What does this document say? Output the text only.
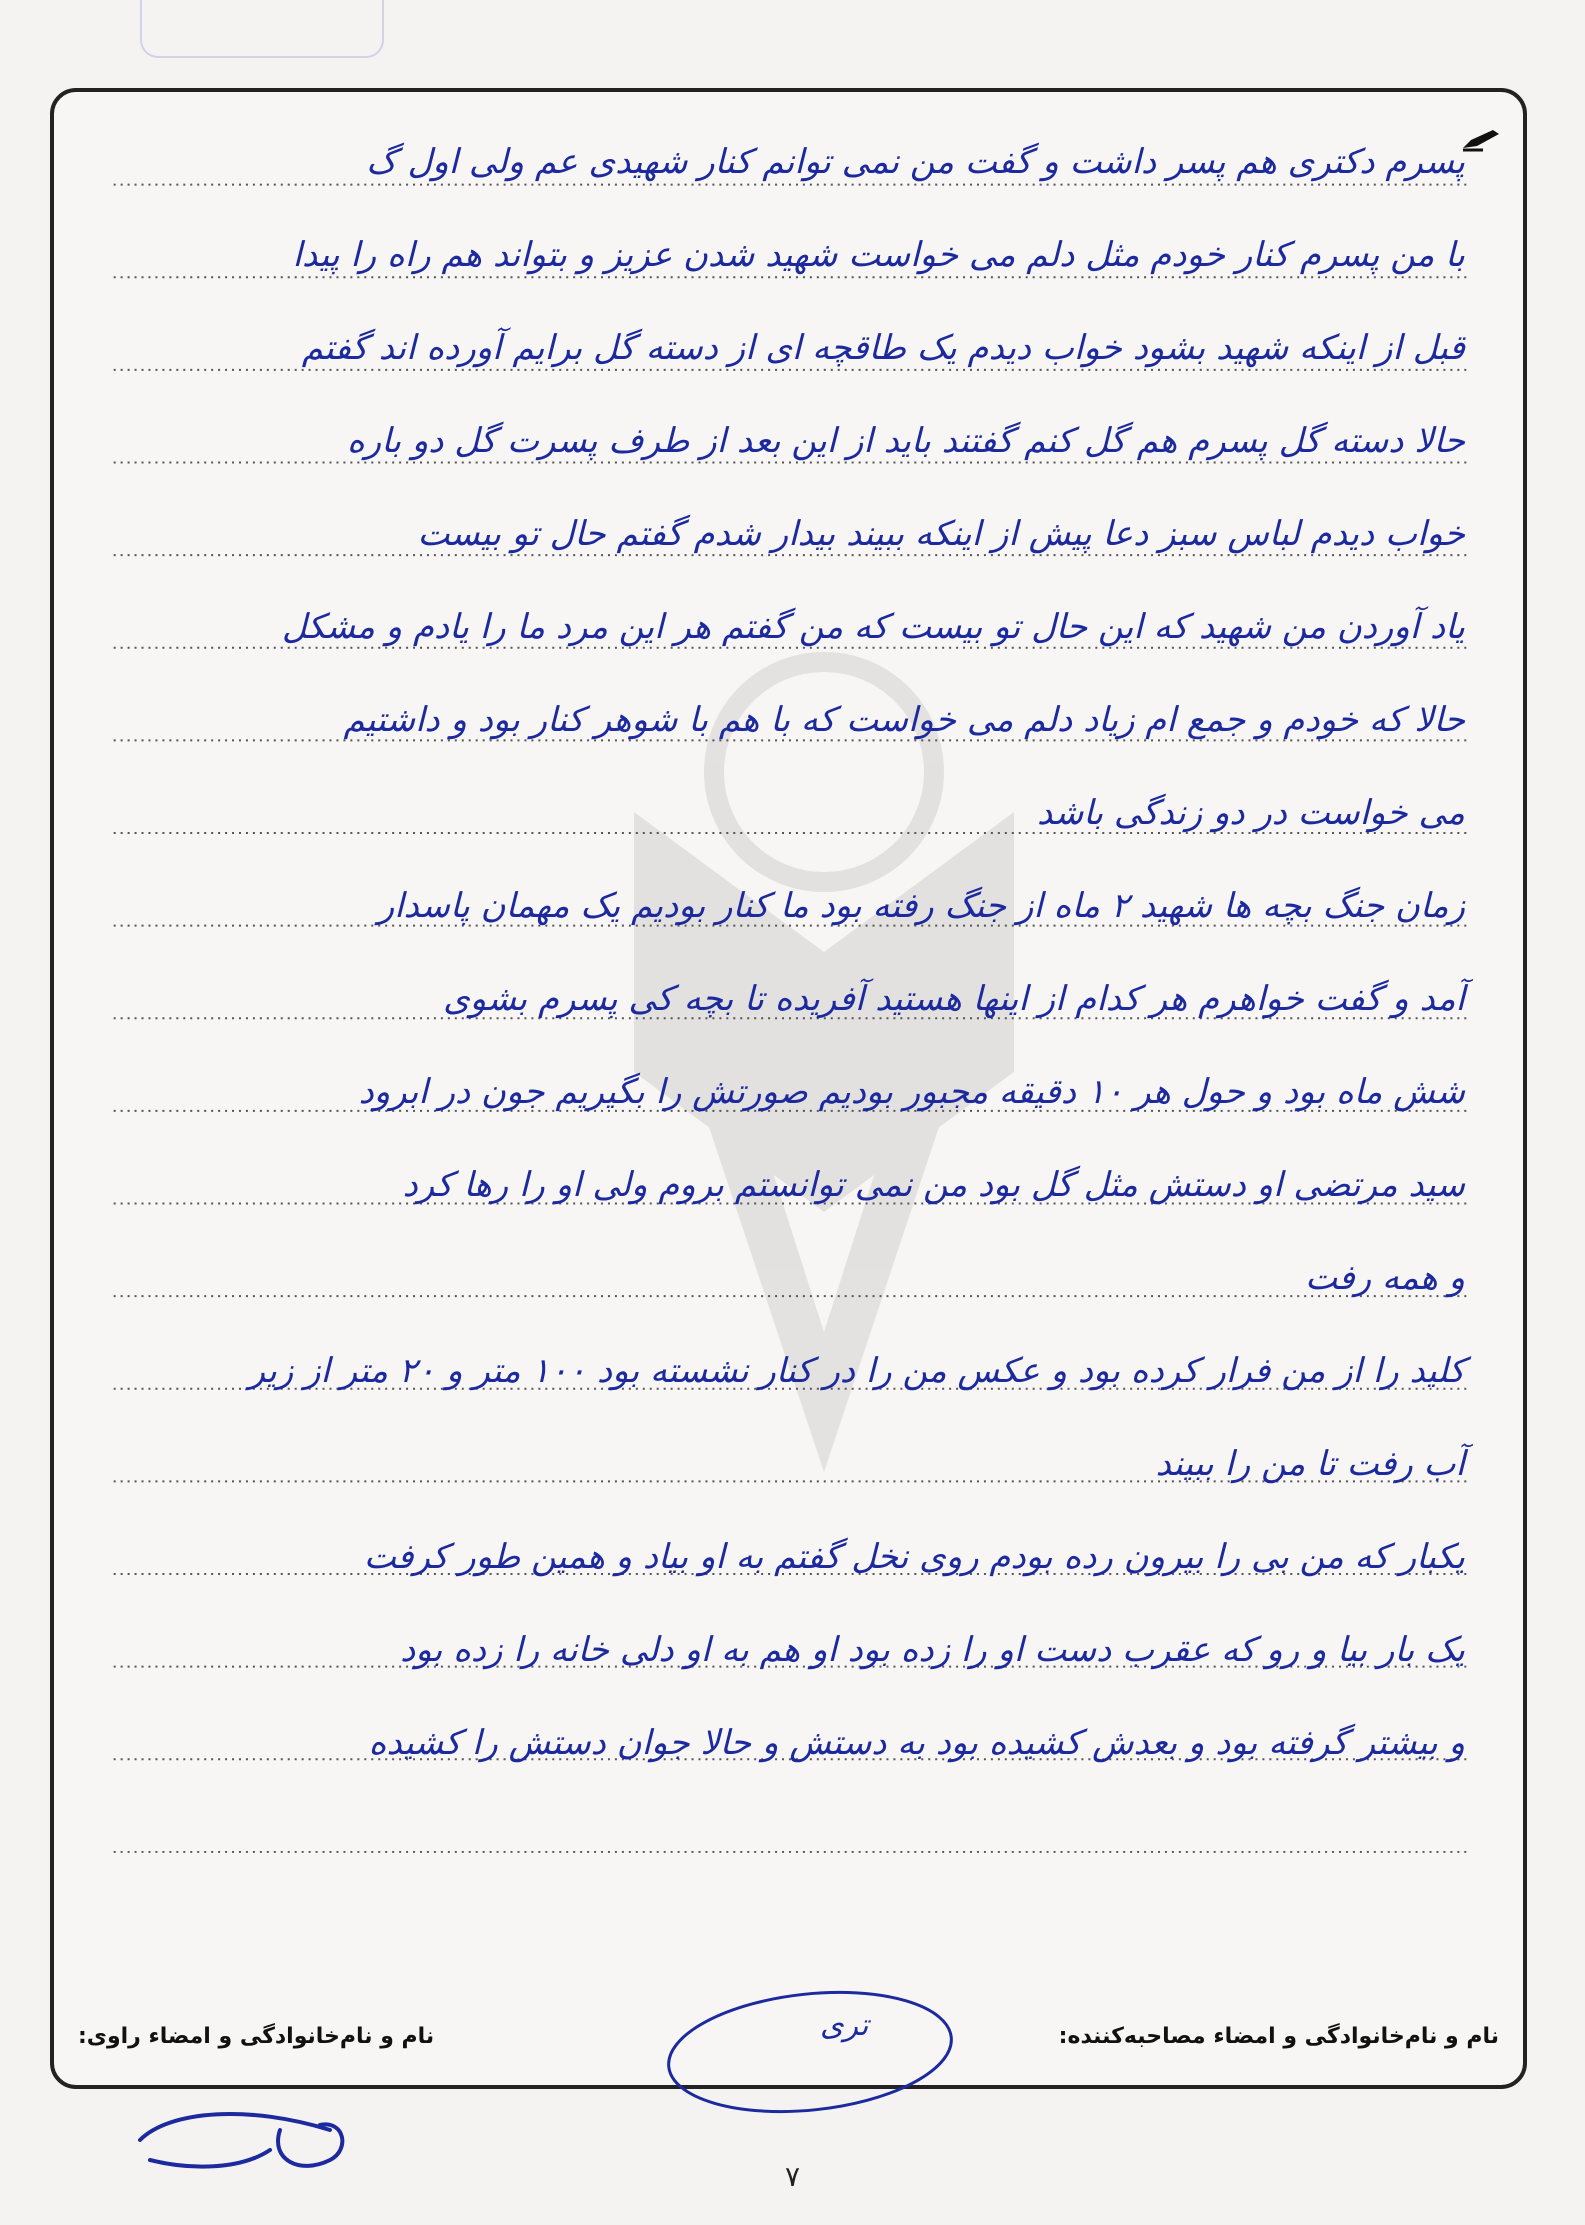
پسرم دکتری هم پسر داشت و گفت من نمی توانم کنار شهیدی عم ولی اول گ
با من پسرم کنار خودم مثل دلم می خواست شهید شدن عزیز و بتواند هم راه را پیدا
قبل از اینکه شهید بشود خواب دیدم یک طاقچه ای از دسته گل برایم آورده اند گفتم
حالا دسته گل پسرم هم گل کنم گفتند باید از این بعد از طرف پسرت گل دو باره
خواب دیدم لباس سبز دعا پیش از اینکه ببیند بیدار شدم گفتم حال تو بیست
یاد آوردن من شهید که این حال تو بیست که من گفتم هر این مرد ما را یادم و مشکل
حالا که خودم و جمع ام زیاد دلم می خواست که با هم با شوهر کنار بود و داشتیم
می خواست در دو زندگی باشد
زمان جنگ بچه ها شهید ۲ ماه از جنگ رفته بود ما کنار بودیم یک مهمان پاسدار
آمد و گفت خواهرم هر کدام از اینها هستید آفریده تا بچه کی پسرم بشوی
شش ماه بود و حول هر ۱۰ دقیقه مجبور بودیم صورتش را بگیریم جون در ابرود
سید مرتضی او دستش مثل گل بود من نمی توانستم بروم ولی او را رها کرد
و همه رفت
کلید را از من فرار کرده بود و عکس من را در کنار نشسته بود ۱۰۰ متر و ۲۰ متر از زیر
آب رفت تا من را ببیند
یکبار که من بی را بیرون رده بودم روی نخل گفتم به او بیاد و همین طور کرفت
یک بار بیا و رو که عقرب دست او را زده بود او هم به او دلی خانه را زده بود
و بیشتر گرفته بود و بعدش کشیده بود به دستش و حالا جوان دستش را کشیده
نام و نام‌خانوادگی و امضاء مصاحبه‌کننده:
نام و نام‌خانوادگی و امضاء راوی:	تری
۷
